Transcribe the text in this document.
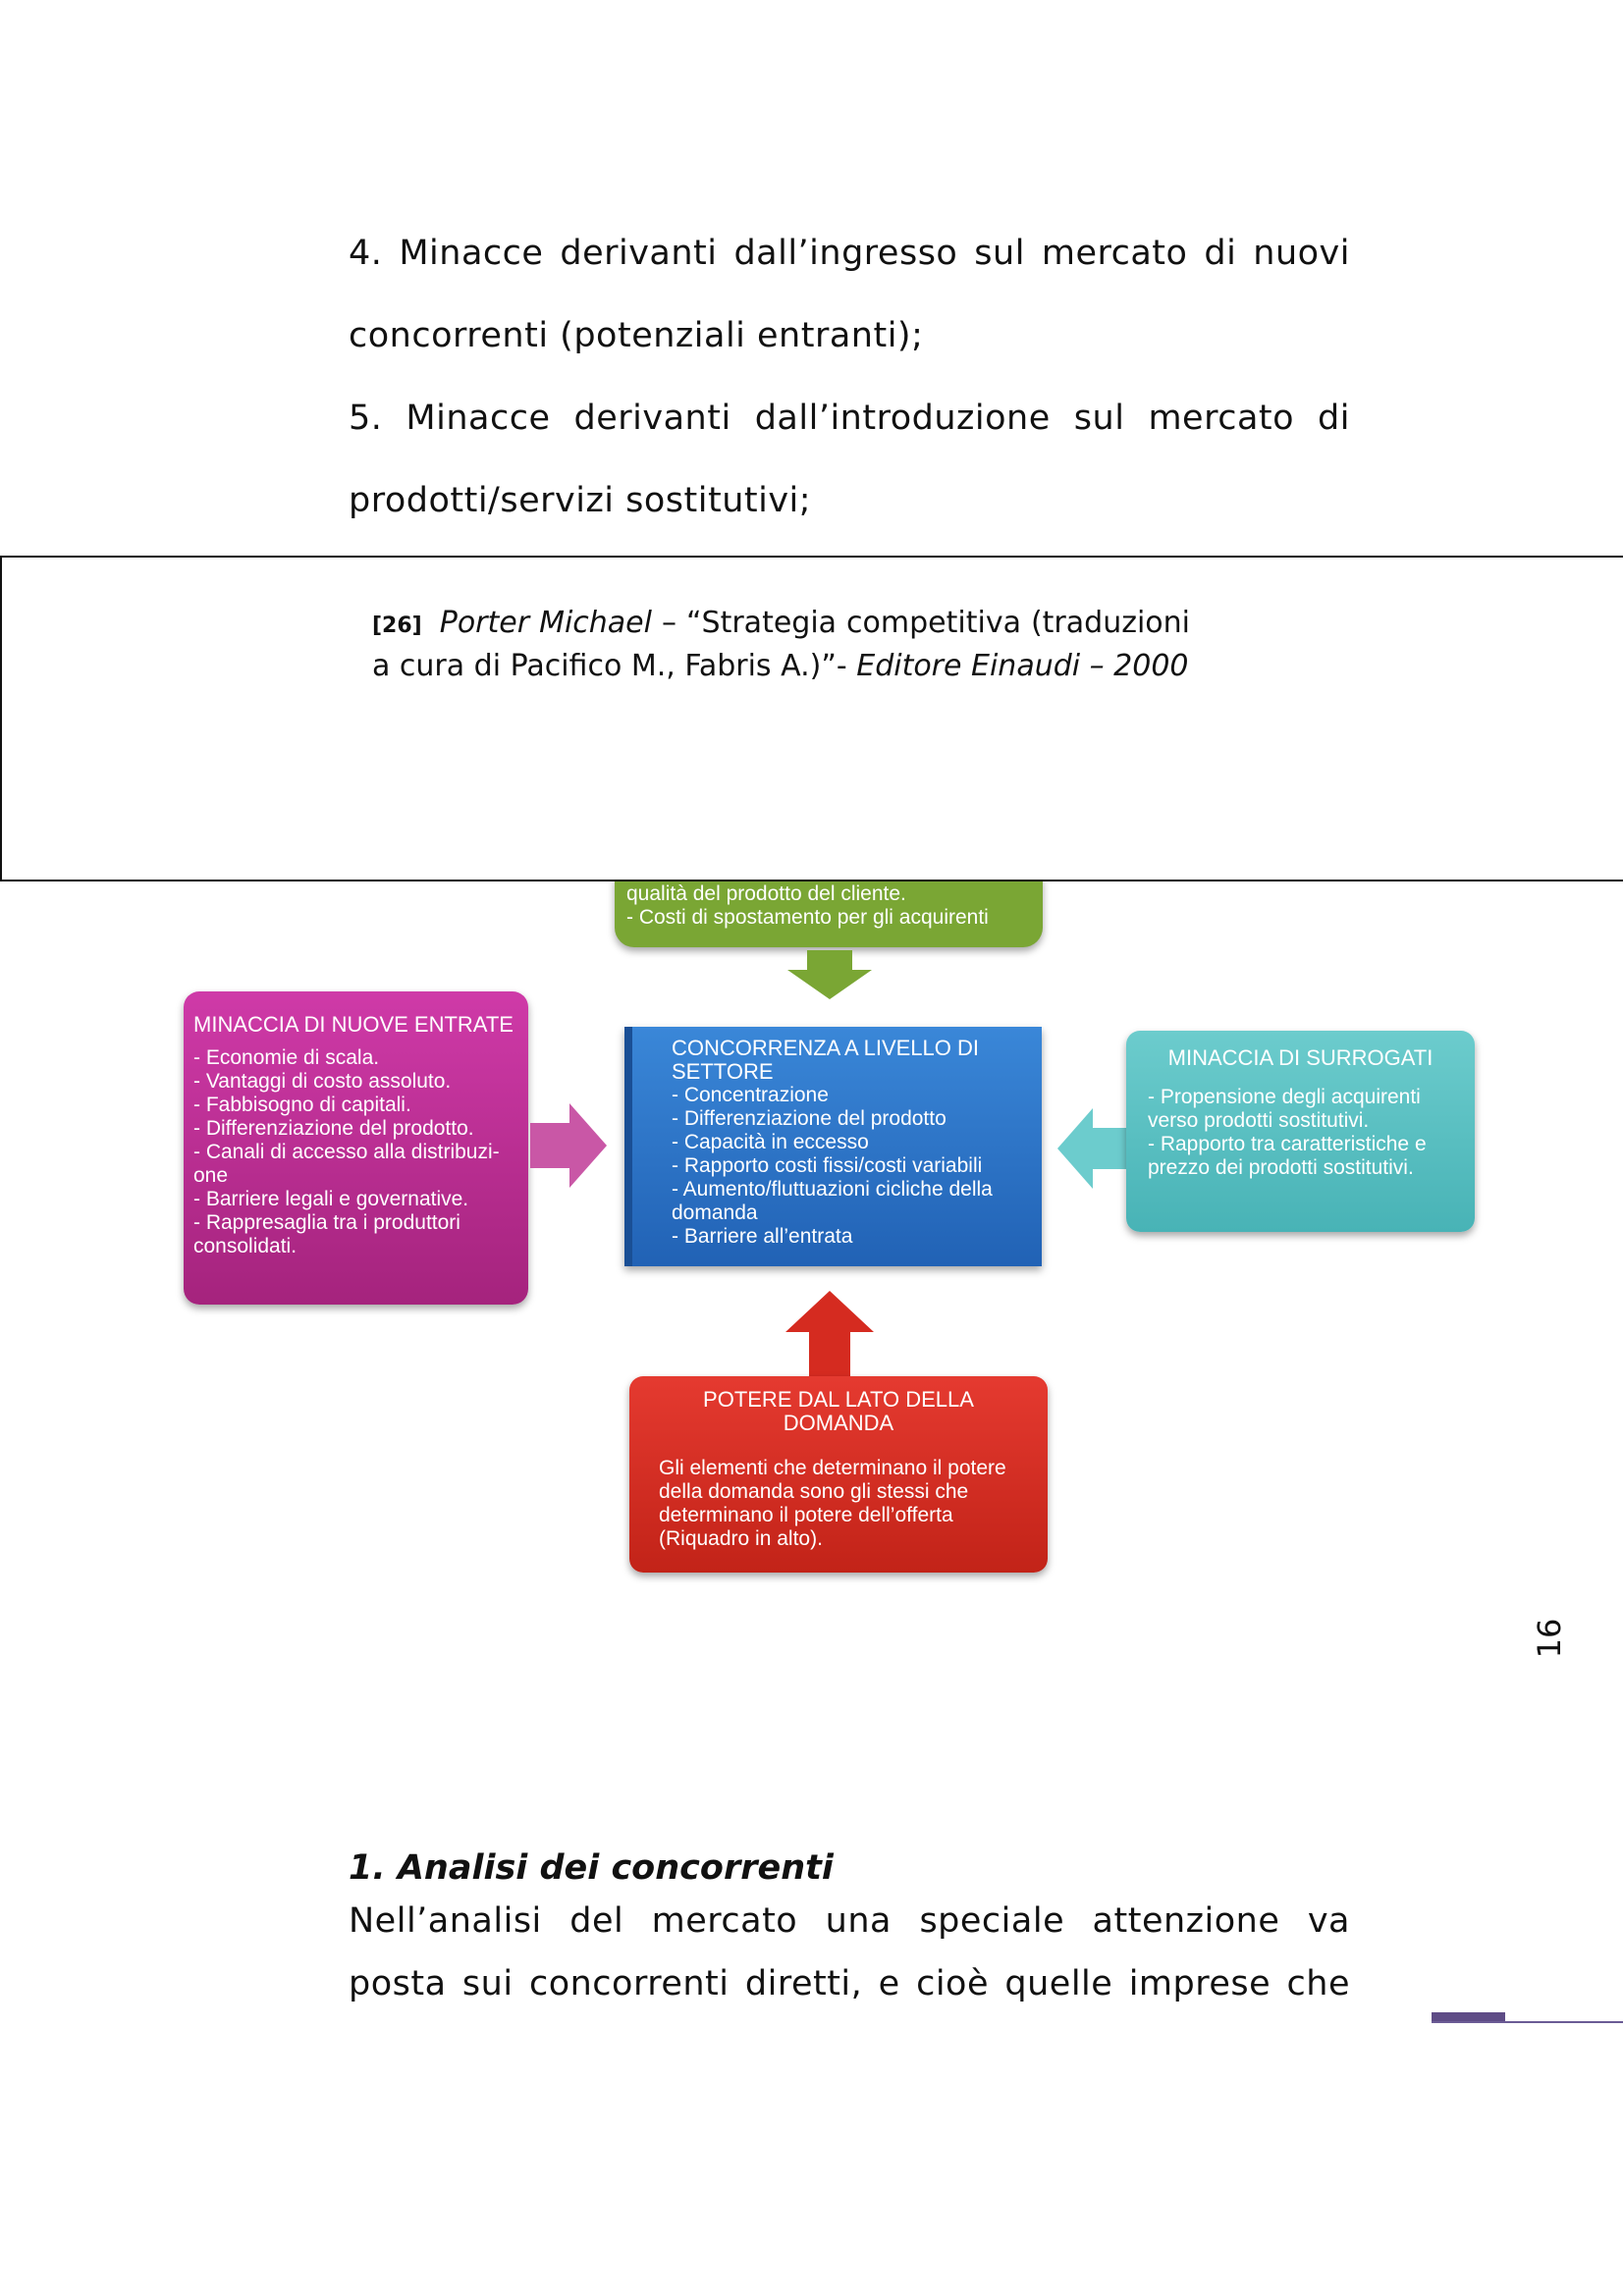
4. Minacce derivanti dall’ingresso sul mercato di nuovi
concorrenti (potenziali entranti);
5. Minacce derivanti dall’introduzione sul mercato di
prodotti/servizi sostitutivi;
qualità del prodotto del cliente.
- Costi di spostamento per gli acquirenti
MINACCIA DI NUOVE ENTRATE
- Economie di scala.
- Vantaggi di costo assoluto.
- Fabbisogno di capitali.
- Differenziazione del prodotto.
- Canali di accesso alla distribuzi-one
- Barriere legali e governative.
- Rappresaglia tra i produttori consolidati.
CONCORRENZA A LIVELLO DI SETTORE
- Concentrazione
- Differenziazione del prodotto
- Capacità in eccesso
- Rapporto costi fissi/costi variabili
- Aumento/fluttuazioni cicliche della domanda
- Barriere all’entrata
MINACCIA DI SURROGATI
- Propensione degli acquirenti verso prodotti sostitutivi.
- Rapporto tra caratteristiche e prezzo dei prodotti sostitutivi.
POTERE DAL LATO DELLA DOMANDA
Gli elementi che determinano il potere della domanda sono gli stessi che determinano il potere dell’offerta (Riquadro in alto).
[26] Porter Michael – “Strategia competitiva (traduzioni a cura di Pacifico M., Fabris A.)”- Editore Einaudi – 2000
16
1. Analisi dei concorrenti
Nell’analisi del mercato una speciale attenzione va
posta sui concorrenti diretti, e cioè quelle imprese che
